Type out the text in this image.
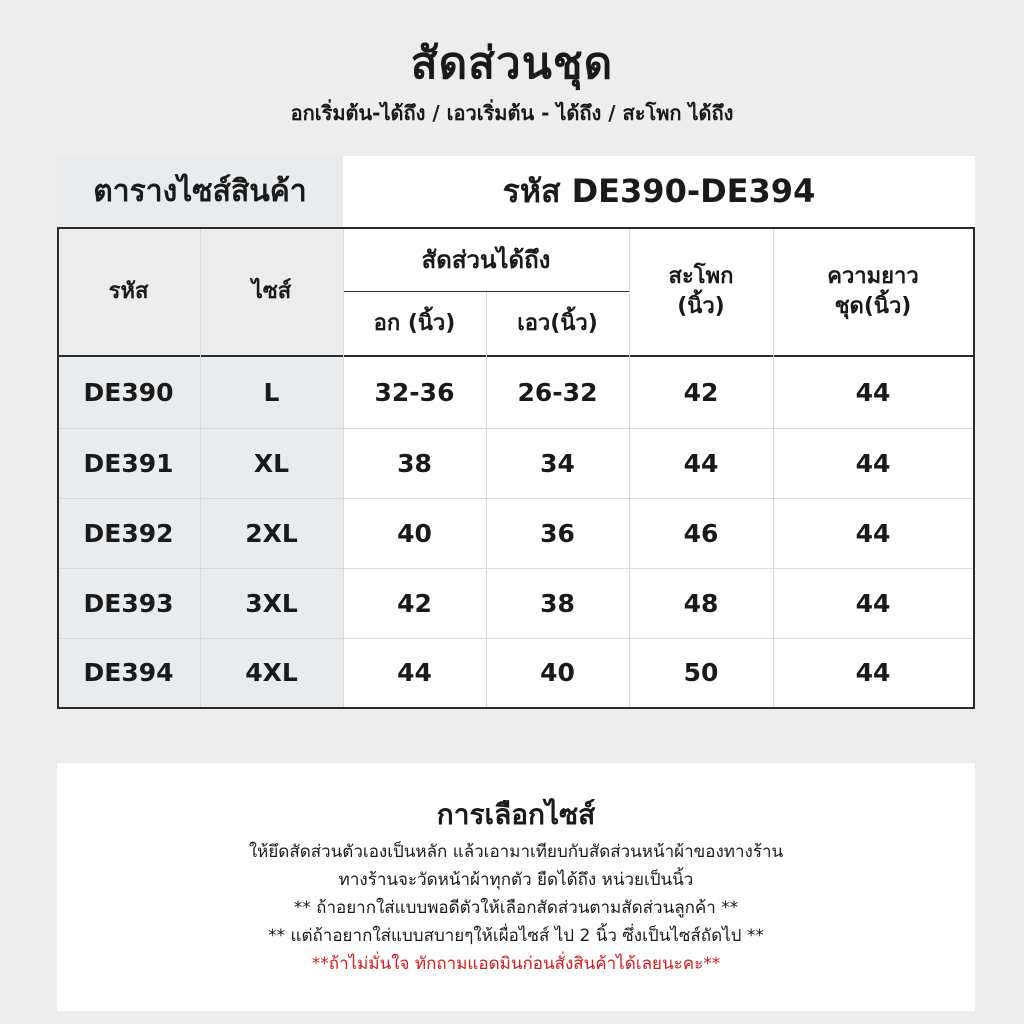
สัดส่วนชุด
อกเริ่มต้น-ได้ถึง / เอวเริ่มต้น - ได้ถึง / สะโพก ได้ถึง
ตารางไซส์สินค้า	รหัส DE390-DE394
รหัส	ไซส์
สัดส่วนได้ถึง
อก (นิ้ว)	เอว(นิ้ว)
สะโพก
(นิ้ว)
ความยาว
ชุด(นิ้ว)
DE390	L	32-36	26-32	42	44
DE391	XL	38	34	44	44
DE392	2XL	40	36	46	44
DE393	3XL	42	38	48	44
DE394	4XL	44	40	50	44
การเลือกไซส์
ให้ยึดสัดส่วนตัวเองเป็นหลัก แล้วเอามาเทียบกับสัดส่วนหน้าผ้าของทางร้าน
ทางร้านจะวัดหน้าผ้าทุกตัว ยืดได้ถึง หน่วยเป็นนิ้ว
** ถ้าอยากใส่แบบพอดีตัวให้เลือกสัดส่วนตามสัดส่วนลูกค้า **
** แต่ถ้าอยากใส่แบบสบายๆให้เผื่อไซส์ ไป 2 นิ้ว ซึ่งเป็นไซส์ถัดไป **
**ถ้าไม่มั่นใจ ทักถามแอดมินก่อนสั่งสินค้าได้เลยนะคะ**
